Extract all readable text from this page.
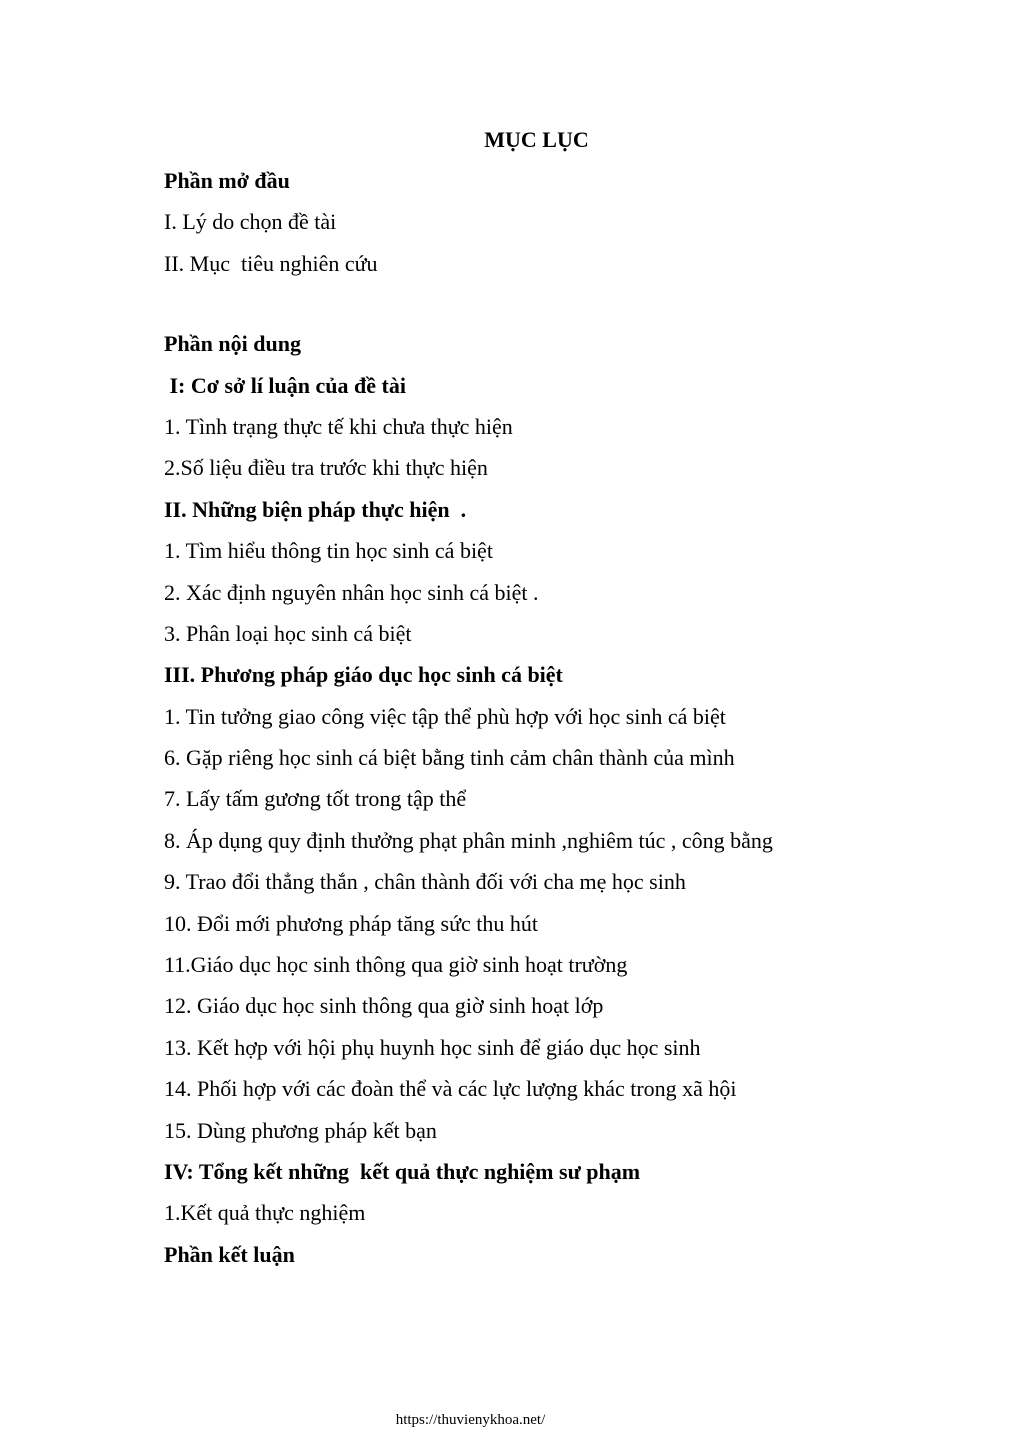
MỤC LỤC
Phần mở đầu
I. Lý do chọn đề tài
II. Mục  tiêu nghiên cứu
Phần nội dung
I: Cơ sở lí luận của đề tài
1. Tình trạng thực tế khi chưa thực hiện
2.Số liệu điều tra trước khi thực hiện
II. Những biện pháp thực hiện  .
1. Tìm hiểu thông tin học sinh cá biệt
2. Xác định nguyên nhân học sinh cá biệt .
3. Phân loại học sinh cá biệt
III. Phương pháp giáo dục học sinh cá biệt
1. Tin tưởng giao công việc tập thể phù hợp với học sinh cá biệt
6. Gặp riêng học sinh cá biệt bằng tinh cảm chân thành của mình
7. Lấy tấm gương tốt trong tập thể
8. Áp dụng quy định thưởng phạt phân minh ,nghiêm túc , công bằng
9. Trao đổi thẳng thắn , chân thành đối với cha mẹ học sinh
10. Đổi mới phương pháp tăng sức thu hút
11.Giáo dục học sinh thông qua giờ sinh hoạt trường
12. Giáo dục học sinh thông qua giờ sinh hoạt lớp
13. Kết hợp với hội phụ huynh học sinh để giáo dục học sinh
14. Phối hợp với các đoàn thể và các lực lượng khác trong xã hội
15. Dùng phương pháp kết bạn
IV: Tổng kết những  kết quả thực nghiệm sư phạm
1.Kết quả thực nghiệm
Phần kết luận
https://thuvienykhoa.net/
